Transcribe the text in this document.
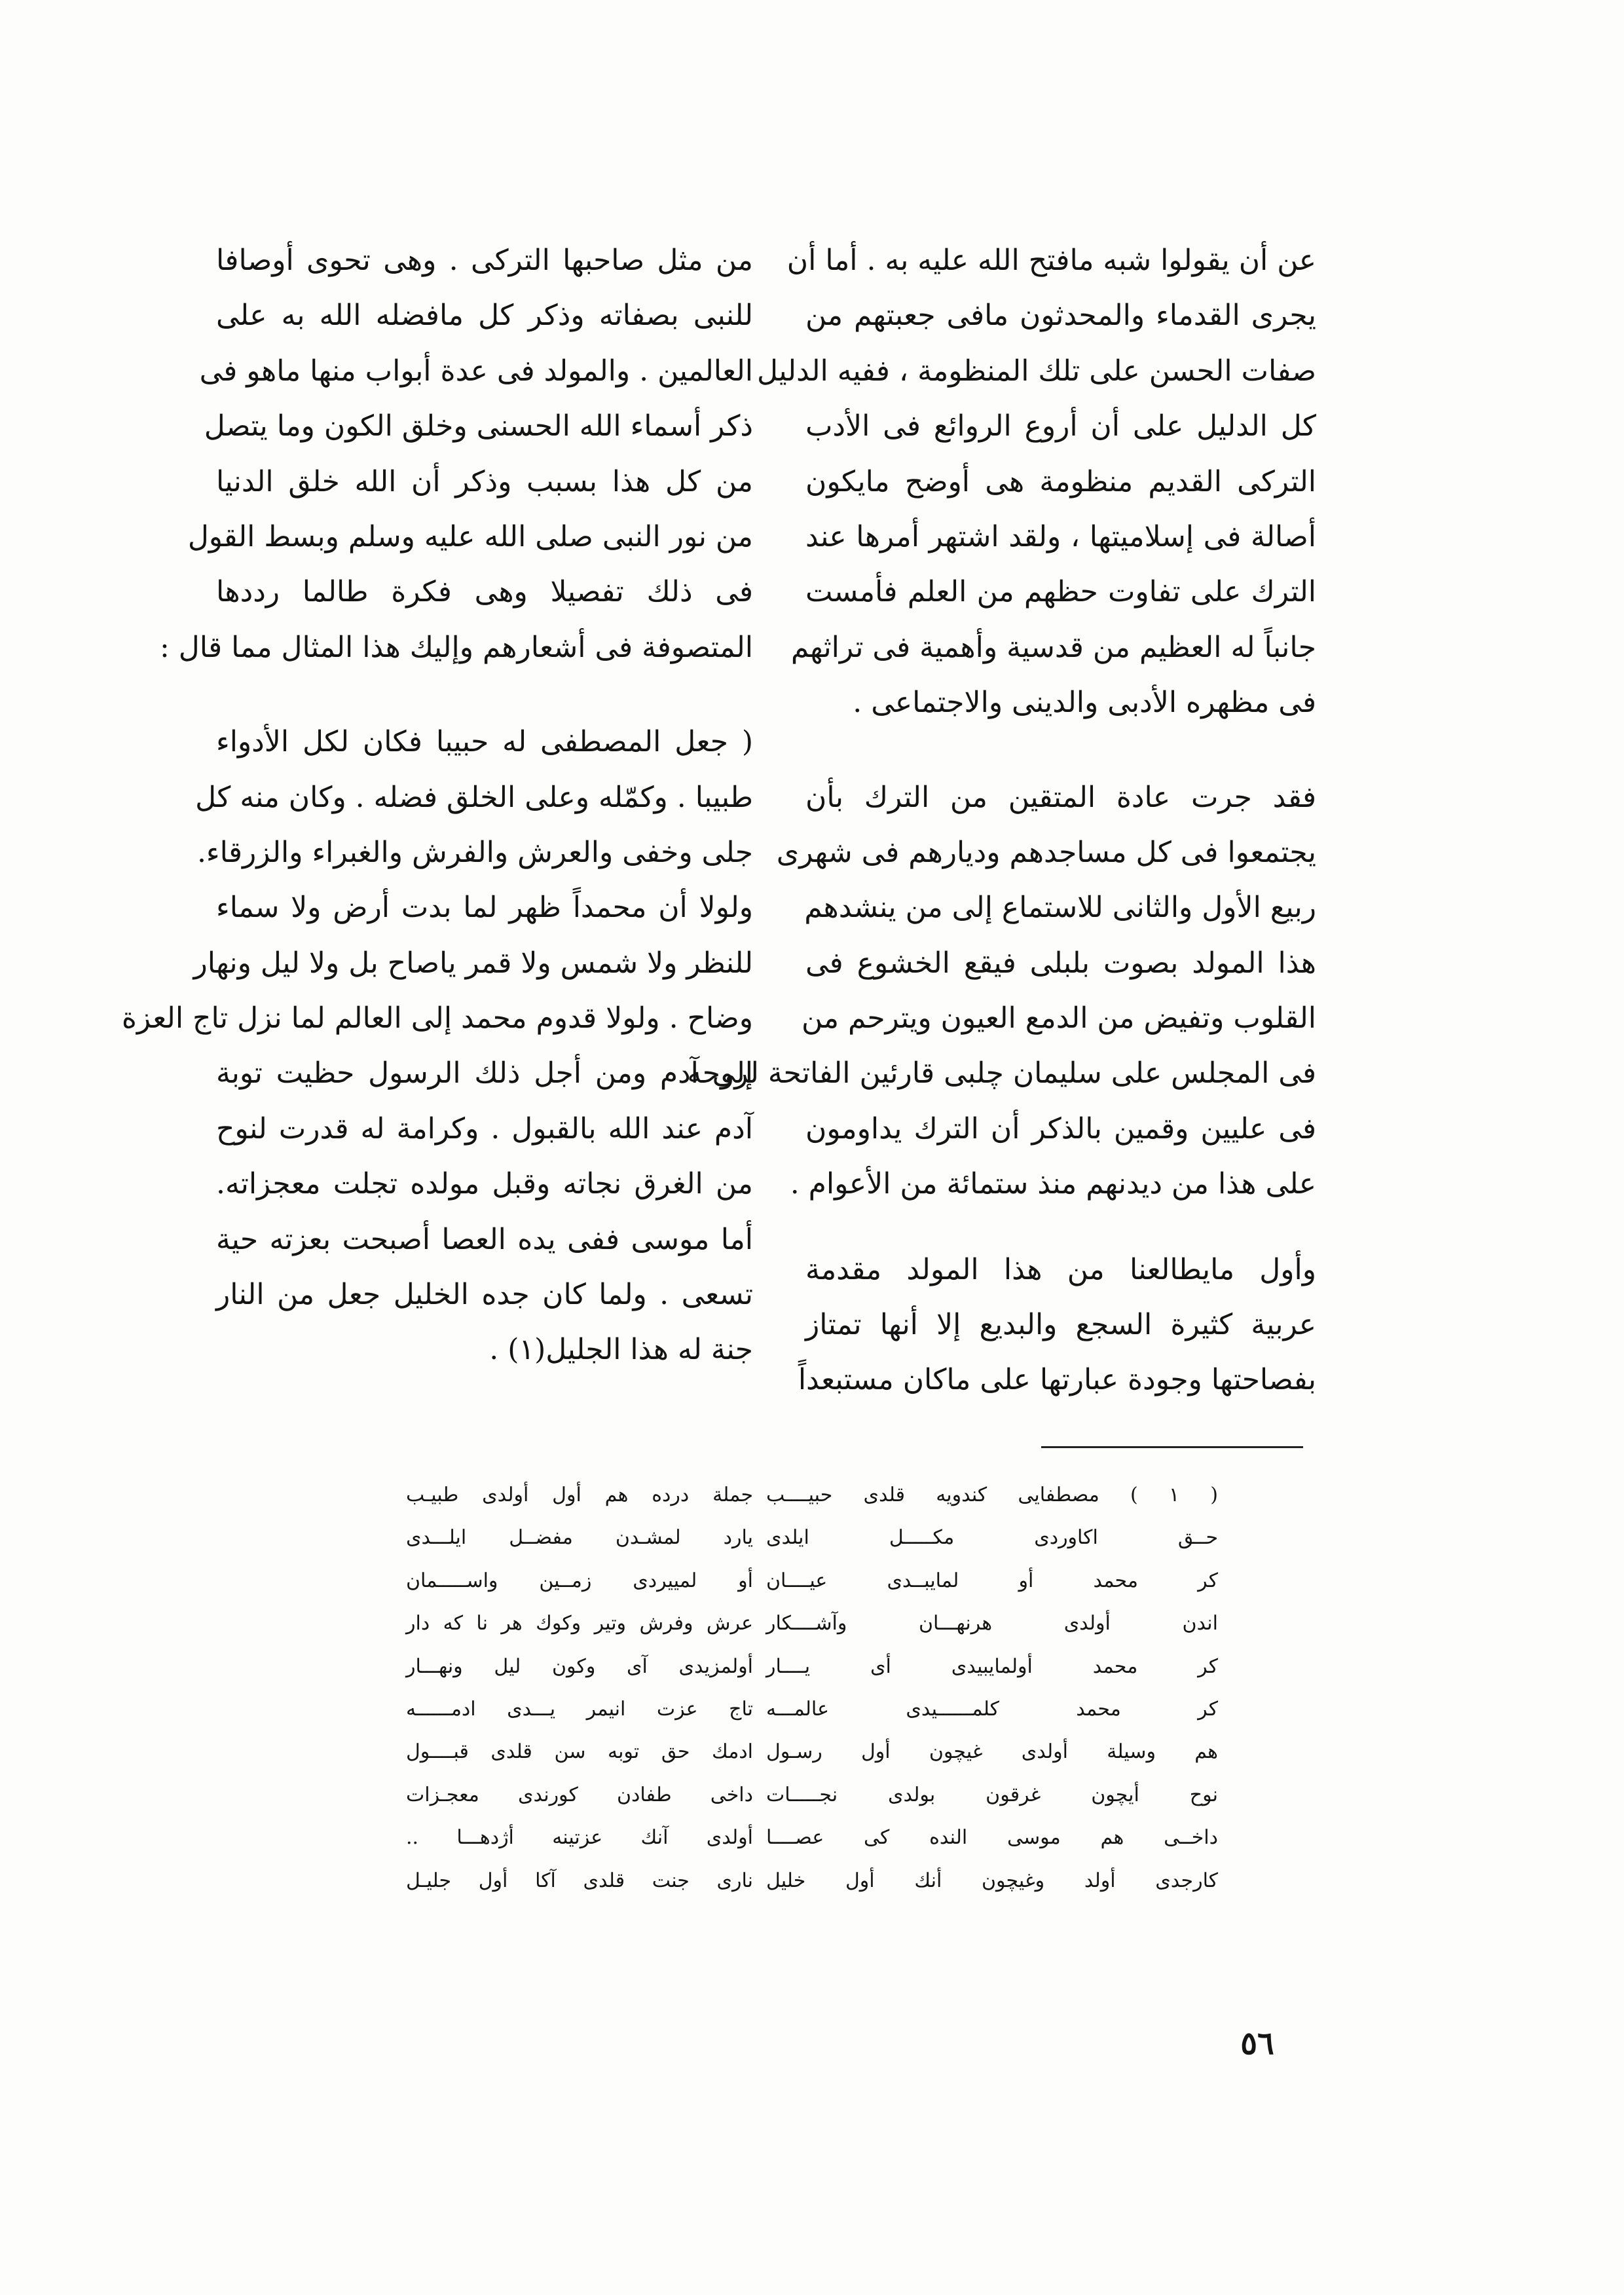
عن أن يقولوا شبه مافتح الله عليه به . أما أن
يجرى القدماء والمحدثون مافى جعبتهم من
صفات الحسن على تلك المنظومة ، ففيه الدليل
كل الدليل على أن أروع الروائع فى الأدب
التركى القديم منظومة هى أوضح مايكون
أصالة فى إسلاميتها ، ولقد اشتهر أمرها عند
الترك على تفاوت حظهم من العلم فأمست
جانباً له العظيم من قدسية وأهمية فى تراثهم
فى مظهره الأدبى والدينى والاجتماعى .
فقد جرت عادة المتقين من الترك بأن
يجتمعوا فى كل مساجدهم وديارهم فى شهرى
ربيع الأول والثانى للاستماع إلى من ينشدهم
هذا المولد بصوت بلبلى فيقع الخشوع فى
القلوب وتفيض من الدمع العيون ويترحم من
فى المجلس على سليمان چلبى قارئين الفاتحة لروحه
فى عليين وقمين بالذكر أن الترك يداومون
على هذا من ديدنهم منذ ستمائة من الأعوام .
وأول مايطالعنا من هذا المولد مقدمة
عربية كثيرة السجع والبديع إلا أنها تمتاز
بفصاحتها وجودة عبارتها على ماكان مستبعداً
من مثل صاحبها التركى . وهى تحوى أوصافا
للنبى بصفاته وذكر كل مافضله الله به على
العالمين . والمولد فى عدة أبواب منها ماهو فى
ذكر أسماء الله الحسنى وخلق الكون وما يتصل
من كل هذا بسبب وذكر أن الله خلق الدنيا
من نور النبى صلى الله عليه وسلم وبسط القول
فى ذلك تفصيلا وهى فكرة طالما رددها
المتصوفة فى أشعارهم وإليك هذا المثال مما قال :
( جعل المصطفى له حبيبا فكان لكل الأدواء
طبيبا . وكمّله وعلى الخلق فضله . وكان منه كل
جلى وخفى والعرش والفرش والغبراء والزرقاء.
ولولا أن محمداً ظهر لما بدت أرض ولا سماء
للنظر ولا شمس ولا قمر ياصاح بل ولا ليل ونهار
وضاح . ولولا قدوم محمد إلى العالم لما نزل تاج العزة
إلى آدم ومن أجل ذلك الرسول حظيت توبة
آدم عند الله بالقبول . وكرامة له قدرت لنوح
من الغرق نجاته وقبل مولده تجلت معجزاته.
أما موسى ففى يده العصا أصبحت بعزته حية
تسعى . ولما كان جده الخليل جعل من النار
جنة له هذا الجليل(١) .
( ١ ) مصطفايى كندويه قلدى حبيــــب
حــق اكاوردى مكـــــل ايلدى
كر محمد أو لمايبــدى عيــــان
اندن أولدى هرنهـــان وآشــــكار
كر محمد أولمايبيدى أى يــــار
كر محمد كلمــــــيدى عالمـــه
هم وسيلة أولدى غيچون أول رسـول
نوح أيچون غرقون بولدى نجـــــات
داخــى هم موسى النده كى عصــــا
كارجدى أولد وغيچون أنك أول خليل
جملة درده هم أول أولدى طبيـب
يارد لمشـدن مفضــل ايلـــدى
أو لمييردى زمــين واســـــمان
عرش وفرش وتير وكوك هر نا كه دار
أولمزيدى آى وكون ليل ونهـــار
تاج عزت انيمر يـــدى ادمــــــه
ادمك حق توبه سن قلدى قبــــول
داخى طفادن كورندى معجـزات
أولدى آنك عزتينه أژدهـــا ..
نارى جنت قلدى آكا أول جليـل
٥٦
